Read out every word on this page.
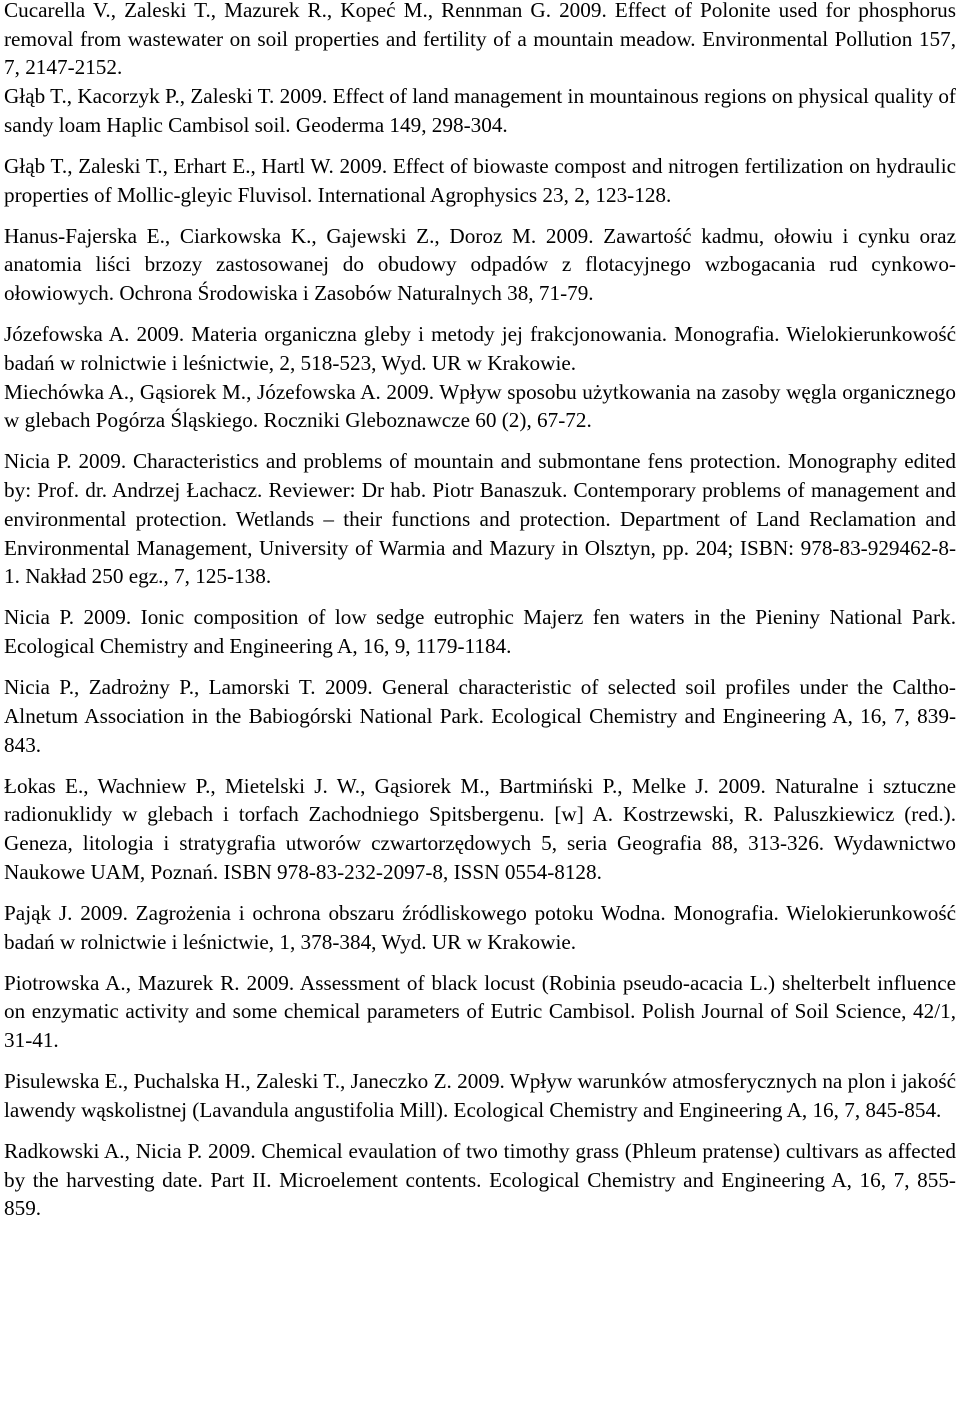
Cucarella V., Zaleski T., Mazurek R., Kopeć M., Rennman G. 2009. Effect of Polonite used for phosphorus removal from wastewater on soil properties and fertility of a mountain meadow. Environmental Pollution 157, 7, 2147-2152.

Głąb T., Kacorzyk P., Zaleski T. 2009. Effect of land management in mountainous regions on physical quality of sandy loam Haplic Cambisol soil. Geoderma 149, 298-304.

Głąb T., Zaleski T., Erhart E., Hartl W. 2009. Effect of biowaste compost and nitrogen fertilization on hydraulic properties of Mollic-gleyic Fluvisol. International Agrophysics 23, 2, 123-128.

Hanus-Fajerska E., Ciarkowska K., Gajewski Z., Doroz M. 2009. Zawartość kadmu, ołowiu i cynku oraz anatomia liści brzozy zastosowanej do obudowy odpadów z flotacyjnego wzbogacania rud cynkowo-ołowiowych. Ochrona Środowiska i Zasobów Naturalnych 38, 71-79.

Józefowska A. 2009. Materia organiczna gleby i metody jej frakcjonowania. Monografia. Wielokierunkowość badań w rolnictwie i leśnictwie, 2, 518-523, Wyd. UR w Krakowie.

Miechówka A., Gąsiorek M., Józefowska A. 2009. Wpływ sposobu użytkowania na zasoby węgla organicznego w glebach Pogórza Śląskiego. Roczniki Gleboznawcze 60 (2), 67-72.

Nicia P. 2009. Characteristics and problems of mountain and submontane fens protection. Monography edited by: Prof. dr. Andrzej Łachacz. Reviewer: Dr hab. Piotr Banaszuk. Contemporary problems of management and environmental protection. Wetlands – their functions and protection. Department of Land Reclamation and Environmental Management, University of Warmia and Mazury in Olsztyn, pp. 204; ISBN: 978-83-929462-8-1. Nakład 250 egz., 7, 125-138.

Nicia P. 2009. Ionic composition of low sedge eutrophic Majerz fen waters in the Pieniny National Park. Ecological Chemistry and Engineering A, 16, 9, 1179-1184.

Nicia P., Zadrożny P., Lamorski T. 2009. General characteristic of selected soil profiles under the Caltho-Alnetum Association in the Babiogórski National Park. Ecological Chemistry and Engineering A, 16, 7, 839-843.

Łokas E., Wachniew P., Mietelski J. W., Gąsiorek M., Bartmiński P., Melke J. 2009. Naturalne i sztuczne radionuklidy w glebach i torfach Zachodniego Spitsbergenu. [w] A. Kostrzewski, R. Paluszkiewicz (red.). Geneza, litologia i stratygrafia utworów czwartorzędowych 5, seria Geografia 88, 313-326. Wydawnictwo Naukowe UAM, Poznań. ISBN 978-83-232-2097-8, ISSN 0554-8128.

Pająk J. 2009. Zagrożenia i ochrona obszaru źródliskowego potoku Wodna. Monografia. Wielokierunkowość badań w rolnictwie i leśnictwie, 1, 378-384, Wyd. UR w Krakowie.

Piotrowska A., Mazurek R. 2009. Assessment of black locust (Robinia pseudo-acacia L.) shelterbelt influence on enzymatic activity and some chemical parameters of Eutric Cambisol. Polish Journal of Soil Science, 42/1, 31-41.

Pisulewska E., Puchalska H., Zaleski T., Janeczko Z. 2009. Wpływ warunków atmosferycznych na plon i jakość lawendy wąskolistnej (Lavandula angustifolia Mill). Ecological Chemistry and Engineering A, 16, 7, 845-854.

Radkowski A., Nicia P. 2009. Chemical evaulation of two timothy grass (Phleum pratense) cultivars as affected by the harvesting date. Part II. Microelement contents. Ecological Chemistry and Engineering A, 16, 7, 855-859.
